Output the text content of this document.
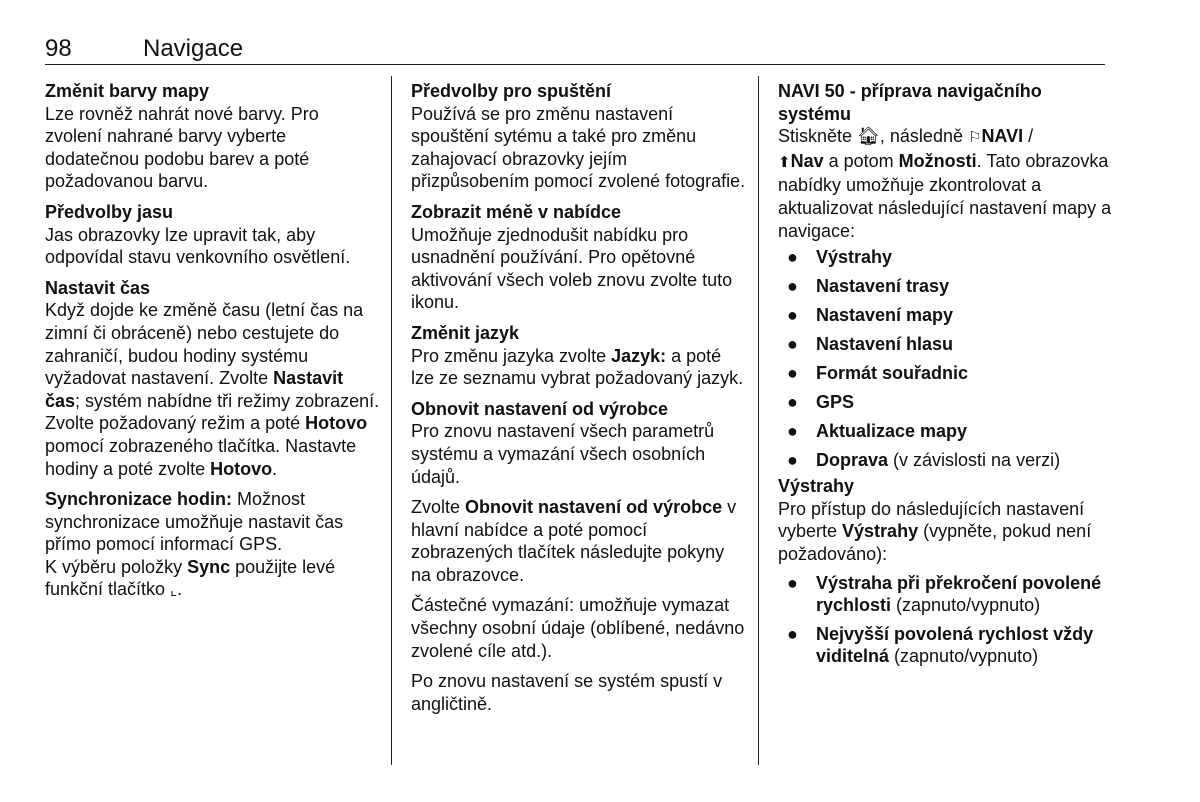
98	Navigace
Změnit barvy mapy

Lze rovněž nahrát nové barvy. Pro zvolení nahrané barvy vyberte dodatečnou podobu barev a poté požadovanou barvu.

Předvolby jasu

Jas obrazovky lze upravit tak, aby odpovídal stavu venkovního osvětlení.

Nastavit čas

Když dojde ke změně času (letní čas na zimní či obráceně) nebo cestujete do zahraničí, budou hodiny systému vyžadovat nastavení. Zvolte Nastavit čas; systém nabídne tři režimy zobrazení. Zvolte požadovaný režim a poté Hotovo pomocí zobrazeného tlačítka. Nastavte hodiny a poté zvolte Hotovo.

Synchronizace hodin: Možnost synchronizace umožňuje nastavit čas přímo pomocí informací GPS.

K výběru položky Sync použijte levé funkční tlačítko ⌞.

Předvolby pro spuštění

Používá se pro změnu nastavení spouštění sytému a také pro změnu zahajovací obrazovky jejím přizpůsobením pomocí zvolené fotografie.

Zobrazit méně v nabídce

Umožňuje zjednodušit nabídku pro usnadnění používání. Pro opětovné aktivování všech voleb znovu zvolte tuto ikonu.

Změnit jazyk

Pro změnu jazyka zvolte Jazyk: a poté lze ze seznamu vybrat požadovaný jazyk.

Obnovit nastavení od výrobce

Pro znovu nastavení všech parametrů systému a vymazání všech osobních údajů.

Zvolte Obnovit nastavení od výrobce v hlavní nabídce a poté pomocí zobrazených tlačítek následujte pokyny na obrazovce.

Částečné vymazání: umožňuje vymazat všechny osobní údaje (oblíbené, nedávno zvolené cíle atd.).

Po znovu nastavení se systém spustí v angličtině.

NAVI 50 - příprava navigačního systému

Stiskněte 🏠︎, následně ⚐NAVI /
⬆Nav a potom Možnosti. Tato obrazovka nabídky umožňuje zkontrolovat a aktualizovat následující nastavení mapy a navigace:

● Výstrahy
● Nastavení trasy
● Nastavení mapy
● Nastavení hlasu
● Formát souřadnic
● GPS
● Aktualizace mapy
● Doprava (v závislosti na verzi)
Výstrahy

Pro přístup do následujících nastavení vyberte Výstrahy (vypněte, pokud není požadováno):

● Výstraha při překročení povolené rychlosti (zapnuto/vypnuto)
● Nejvyšší povolená rychlost vždy viditelná (zapnuto/vypnuto)
